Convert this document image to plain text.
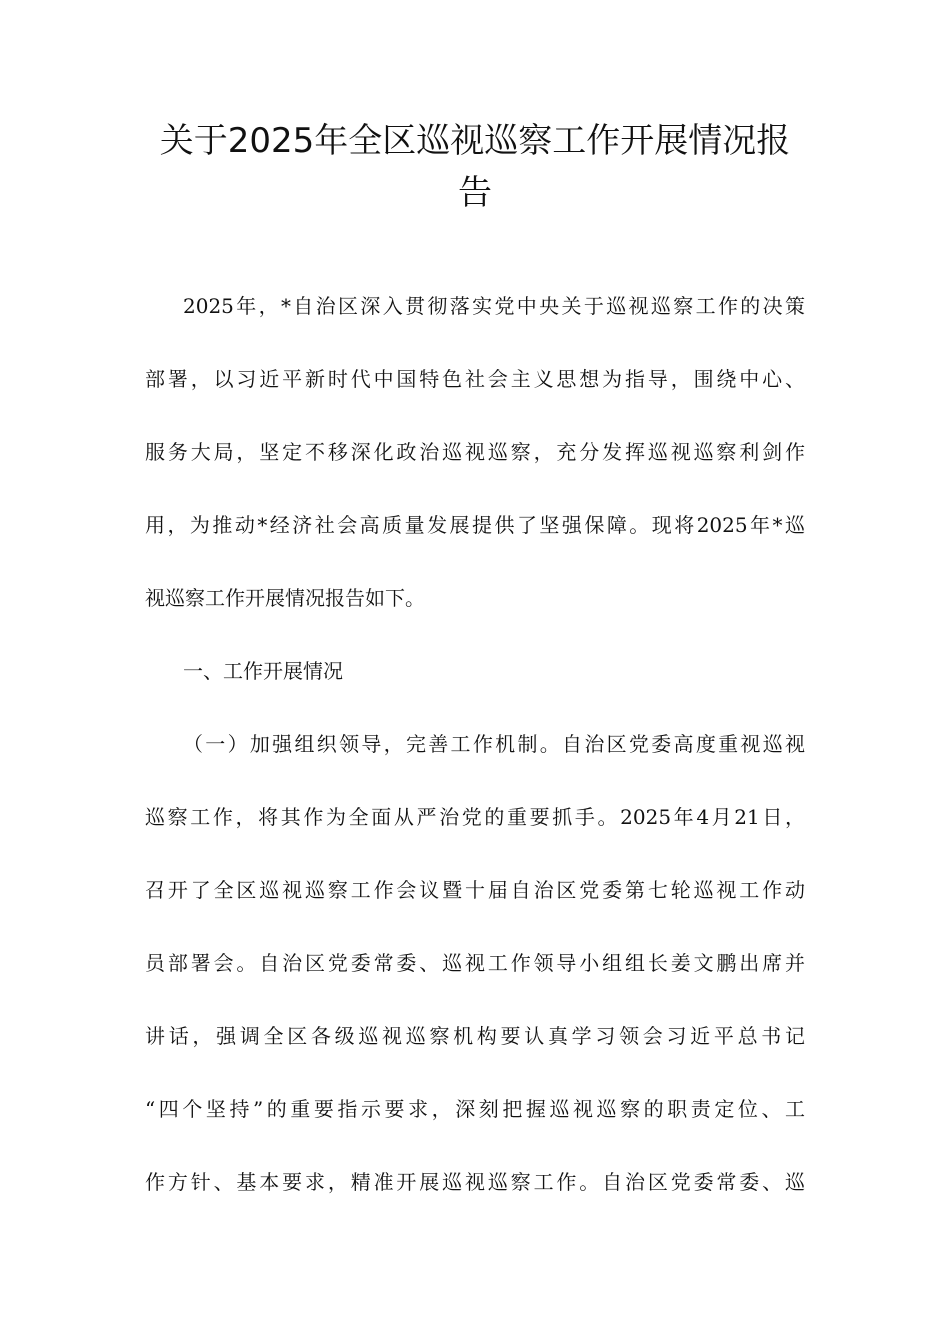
关于2025年全区巡视巡察工作开展情况报
告
2025年，*自治区深入贯彻落实党中央关于巡视巡察工作的决策
部署，以习近平新时代中国特色社会主义思想为指导，围绕中心、
服务大局，坚定不移深化政治巡视巡察，充分发挥巡视巡察利剑作
用，为推动*经济社会高质量发展提供了坚强保障。现将2025年*巡
视巡察工作开展情况报告如下。
一、工作开展情况
（一）加强组织领导，完善工作机制。自治区党委高度重视巡视
巡察工作，将其作为全面从严治党的重要抓手。2025年4月21日，
召开了全区巡视巡察工作会议暨十届自治区党委第七轮巡视工作动
员部署会。自治区党委常委、巡视工作领导小组组长姜文鹏出席并
讲话，强调全区各级巡视巡察机构要认真学习领会习近平总书记
“四个坚持”的重要指示要求，深刻把握巡视巡察的职责定位、工
作方针、基本要求，精准开展巡视巡察工作。自治区党委常委、巡
